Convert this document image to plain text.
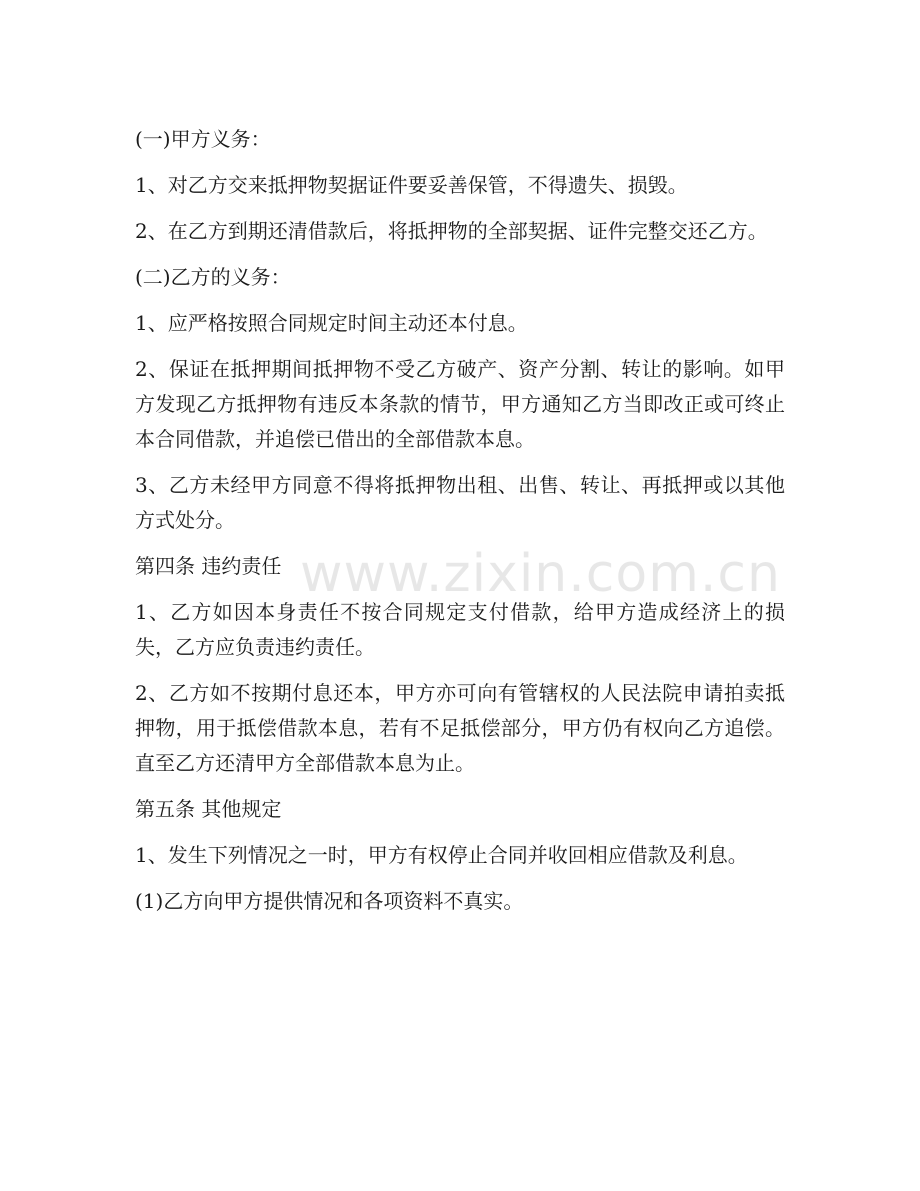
(一)甲方义务：

1、对乙方交来抵押物契据证件要妥善保管，不得遗失、损毁。

2、在乙方到期还清借款后，将抵押物的全部契据、证件完整交还乙方。

(二)乙方的义务：

1、应严格按照合同规定时间主动还本付息。

2、保证在抵押期间抵押物不受乙方破产、资产分割、转让的影响。如甲方发现乙方抵押物有违反本条款的情节，甲方通知乙方当即改正或可终止本合同借款，并追偿已借出的全部借款本息。

3、乙方未经甲方同意不得将抵押物出租、出售、转让、再抵押或以其他方式处分。

第四条 违约责任

1、乙方如因本身责任不按合同规定支付借款，给甲方造成经济上的损失，乙方应负责违约责任。

2、乙方如不按期付息还本，甲方亦可向有管辖权的人民法院申请拍卖抵押物，用于抵偿借款本息，若有不足抵偿部分，甲方仍有权向乙方追偿。直至乙方还清甲方全部借款本息为止。

第五条 其他规定

1、发生下列情况之一时，甲方有权停止合同并收回相应借款及利息。

(1)乙方向甲方提供情况和各项资料不真实。

www.zixin.com.cn
